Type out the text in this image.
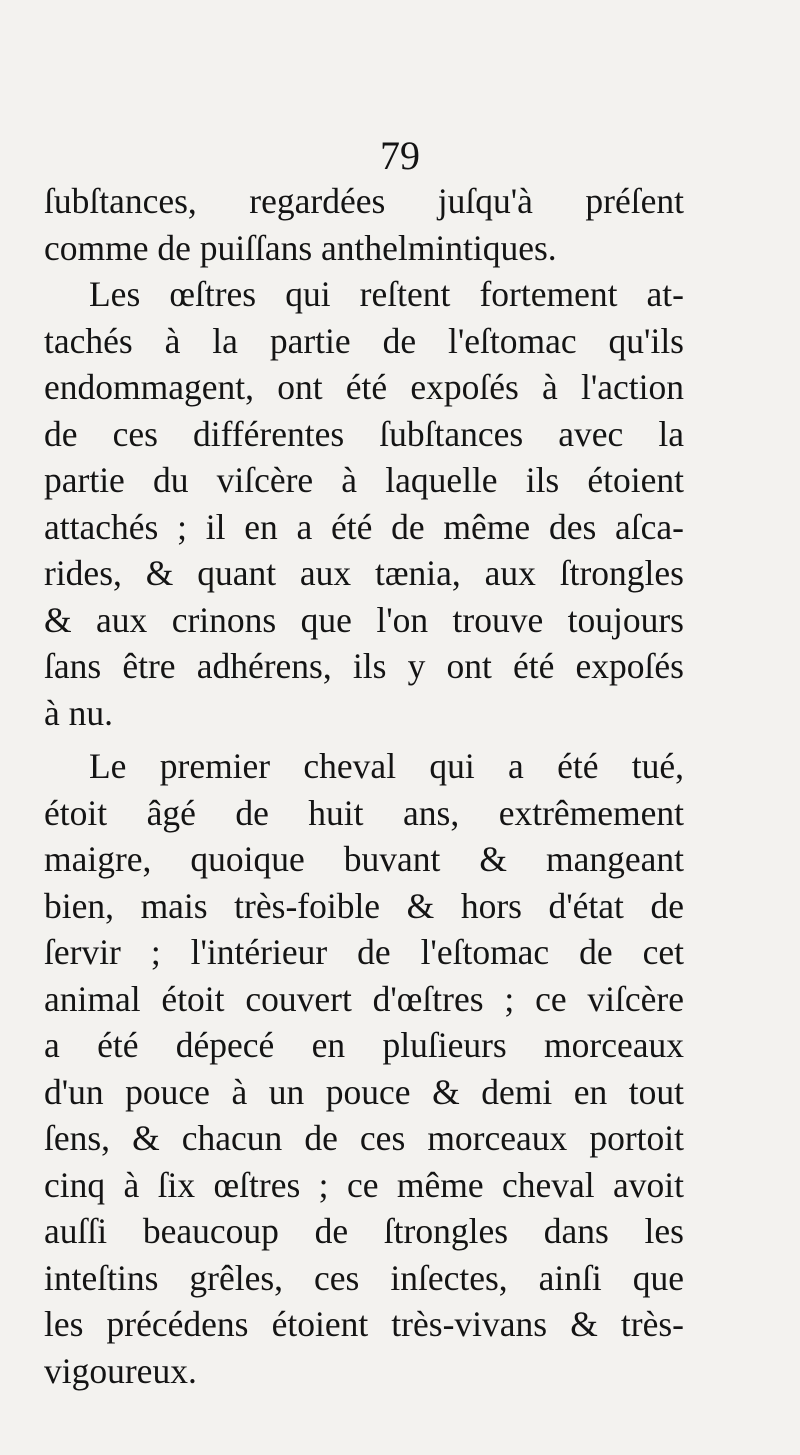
79
ſubſtances, regardées juſqu'à préſent
comme de puiſſans anthelmintiques.
Les œſtres qui reſtent fortement at-
tachés à la partie de l'eſtomac qu'ils
endommagent, ont été expoſés à l'action
de ces différentes ſubſtances avec la
partie du viſcère à laquelle ils étoient
attachés ; il en a été de même des aſca-
rides, & quant aux tænia, aux ſtrongles
& aux crinons que l'on trouve toujours
ſans être adhérens, ils y ont été expoſés
à nu.
Le premier cheval qui a été tué,
étoit âgé de huit ans, extrêmement
maigre, quoique buvant & mangeant
bien, mais très-foible & hors d'état de
ſervir ; l'intérieur de l'eſtomac de cet
animal étoit couvert d'œſtres ; ce viſcère
a été dépecé en pluſieurs morceaux
d'un pouce à un pouce & demi en tout
ſens, & chacun de ces morceaux portoit
cinq à ſix œſtres ; ce même cheval avoit
auſſi beaucoup de ſtrongles dans les
inteſtins grêles, ces inſectes, ainſi que
les précédens étoient très-vivans & très-
vigoureux.
